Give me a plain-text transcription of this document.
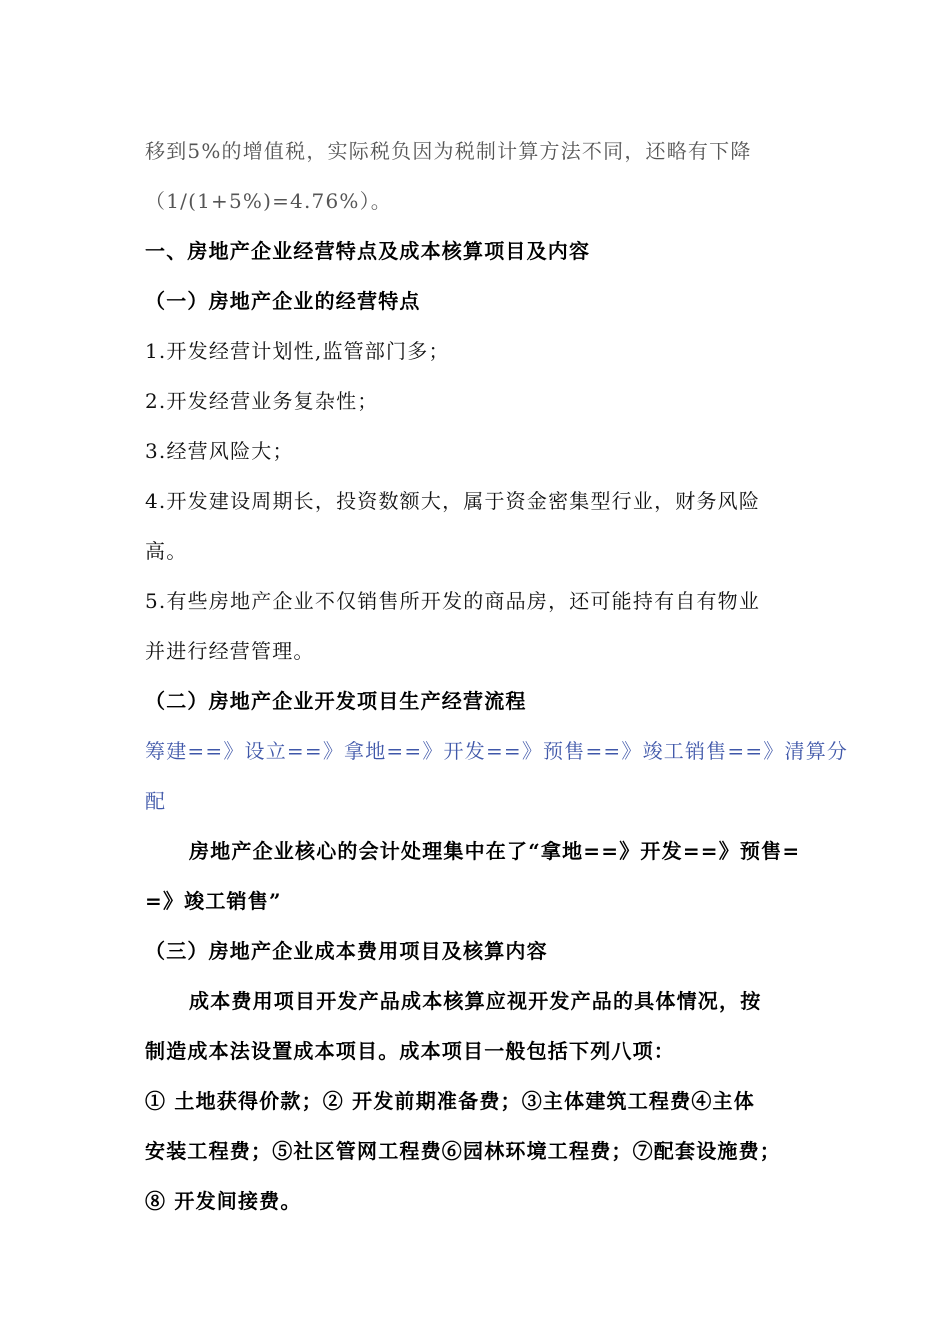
移到5%的增值税，实际税负因为税制计算方法不同，还略有下降
（1/(1+5%)=4.76%）。
一、房地产企业经营特点及成本核算项目及内容
（一）房地产企业的经营特点
1.开发经营计划性,监管部门多；
2.开发经营业务复杂性；
3.经营风险大；
4.开发建设周期长，投资数额大，属于资金密集型行业，财务风险
高。
5.有些房地产企业不仅销售所开发的商品房，还可能持有自有物业
并进行经营管理。
（二）房地产企业开发项目生产经营流程
筹建==》设立==》拿地==》开发==》预售==》竣工销售==》清算分
配
房地产企业核心的会计处理集中在了“拿地==》开发==》预售=
=》竣工销售”
（三）房地产企业成本费用项目及核算内容
成本费用项目开发产品成本核算应视开发产品的具体情况，按
制造成本法设置成本项目。成本项目一般包括下列八项：
① 土地获得价款；② 开发前期准备费；③主体建筑工程费④主体
安装工程费；⑤社区管网工程费⑥园林环境工程费；⑦配套设施费；
⑧ 开发间接费。
